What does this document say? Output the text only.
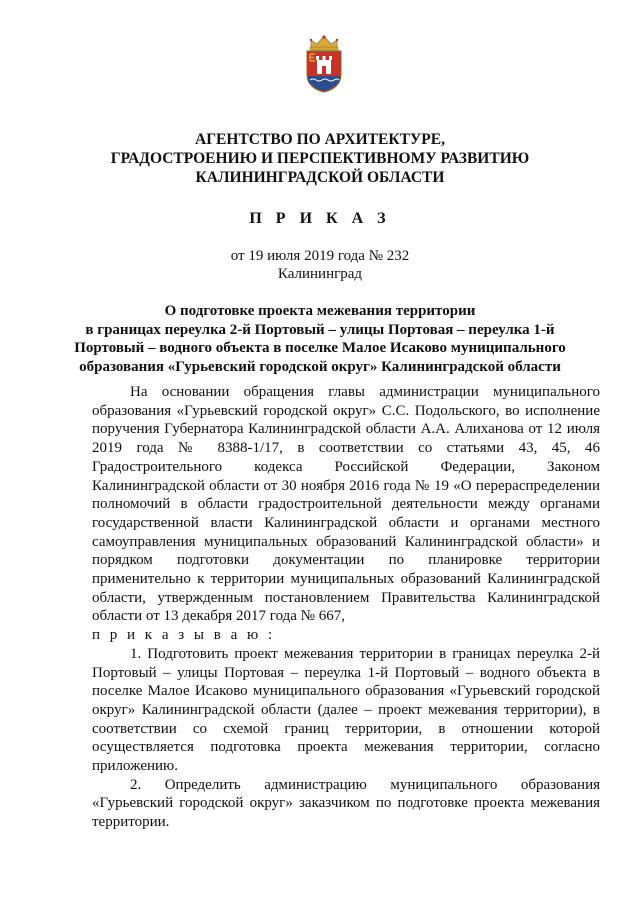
АГЕНТСТВО ПО АРХИТЕКТУРЕ,
ГРАДОСТРОЕНИЮ И ПЕРСПЕКТИВНОМУ РАЗВИТИЮ
КАЛИНИНГРАДСКОЙ ОБЛАСТИ
П Р И К А З
от 19 июля 2019 года № 232
Калининград
О подготовке проекта межевания территории
в границах переулка 2-й Портовый – улицы Портовая – переулка 1-й
Портовый – водного объекта в поселке Малое Исаково муниципального
образования «Гурьевский городской округ» Калининградской области

На основании обращения главы администрации муниципального образования «Гурьевский городской округ» С.С. Подольского, во исполнение поручения Губернатора Калининградской области А.А. Алиханова от 12 июля 2019 года № 8388-1/17, в соответствии со статьями 43, 45, 46 Градостроительного кодекса Российской Федерации, Законом Калининградской области от 30 ноября 2016 года № 19 «О перераспределении полномочий в области градостроительной деятельности между органами государственной власти Калининградской области и органами местного самоуправления муниципальных образований Калининградской области» и порядком подготовки документации по планировке территории применительно к территории муниципальных образований Калининградской области, утвержденным постановлением Правительства Калининградской области от 13 декабря 2017 года № 667,

п р и к а з ы в а ю :

1. Подготовить проект межевания территории в границах переулка 2-й Портовый – улицы Портовая – переулка 1-й Портовый – водного объекта в поселке Малое Исаково муниципального образования «Гурьевский городской округ» Калининградской области (далее – проект межевания территории), в соответствии со схемой границ территории, в отношении которой осуществляется подготовка проекта межевания территории, согласно приложению.
2. Определить администрацию муниципального образования «Гурьевский городской округ» заказчиком по подготовке проекта межевания территории.
